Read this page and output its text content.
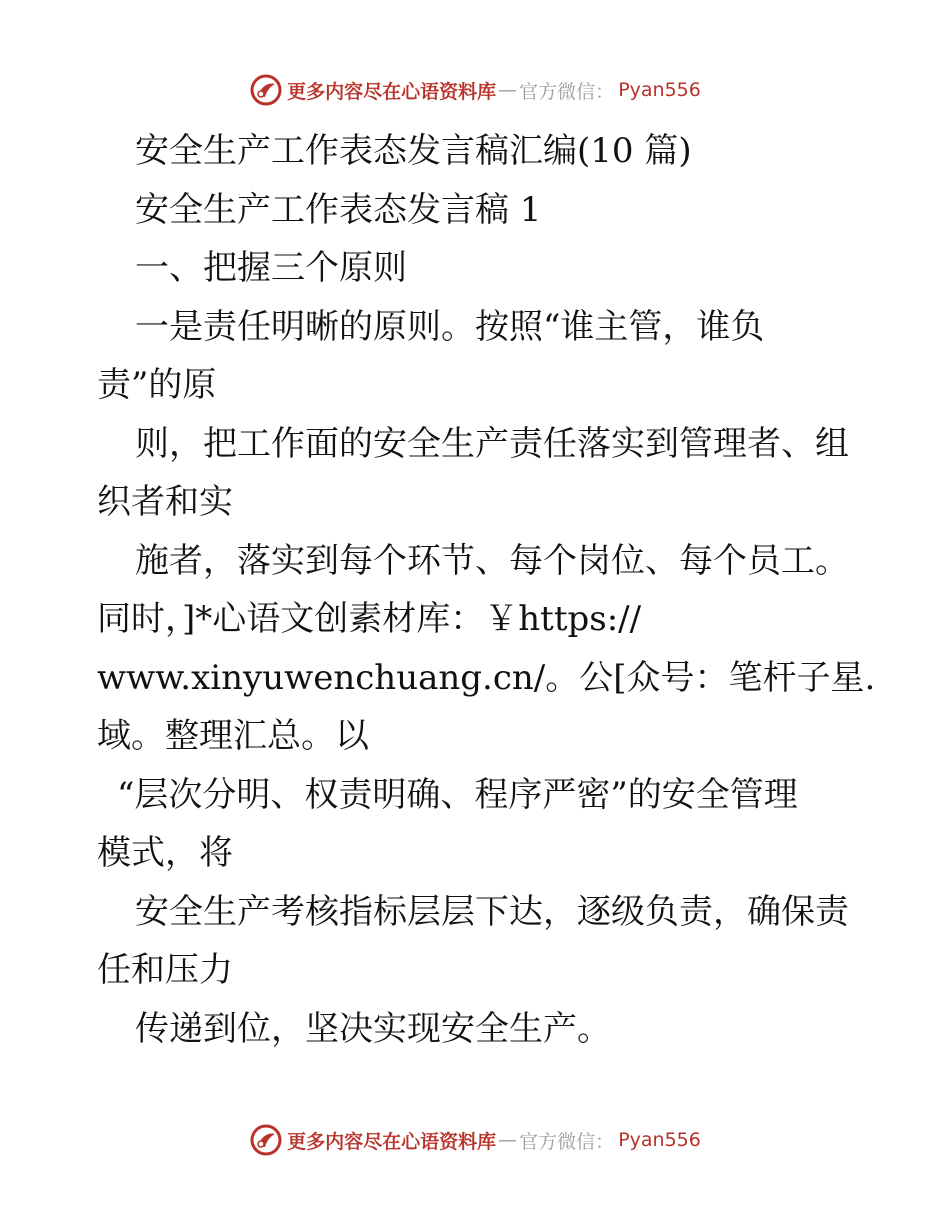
更多内容尽在心语资料库 — 官方微信： Pyan556
安全生产工作表态发言稿汇编(10 篇)
安全生产工作表态发言稿 1
一、把握三个原则
一是责任明晰的原则。按照“谁主管，谁负
责”的原
则，把工作面的安全生产责任落实到管理者、组
织者和实
施者，落实到每个环节、每个岗位、每个员工。
同时，]*心语文创素材库：￥https://
www.xinyuwenchuang.cn/。公[众号：笔杆子星.
域。整理汇总。以
“层次分明、权责明确、程序严密”的安全管理
模式，将
安全生产考核指标层层下达，逐级负责，确保责
任和压力
传递到位，坚决实现安全生产。
更多内容尽在心语资料库 — 官方微信： Pyan556
